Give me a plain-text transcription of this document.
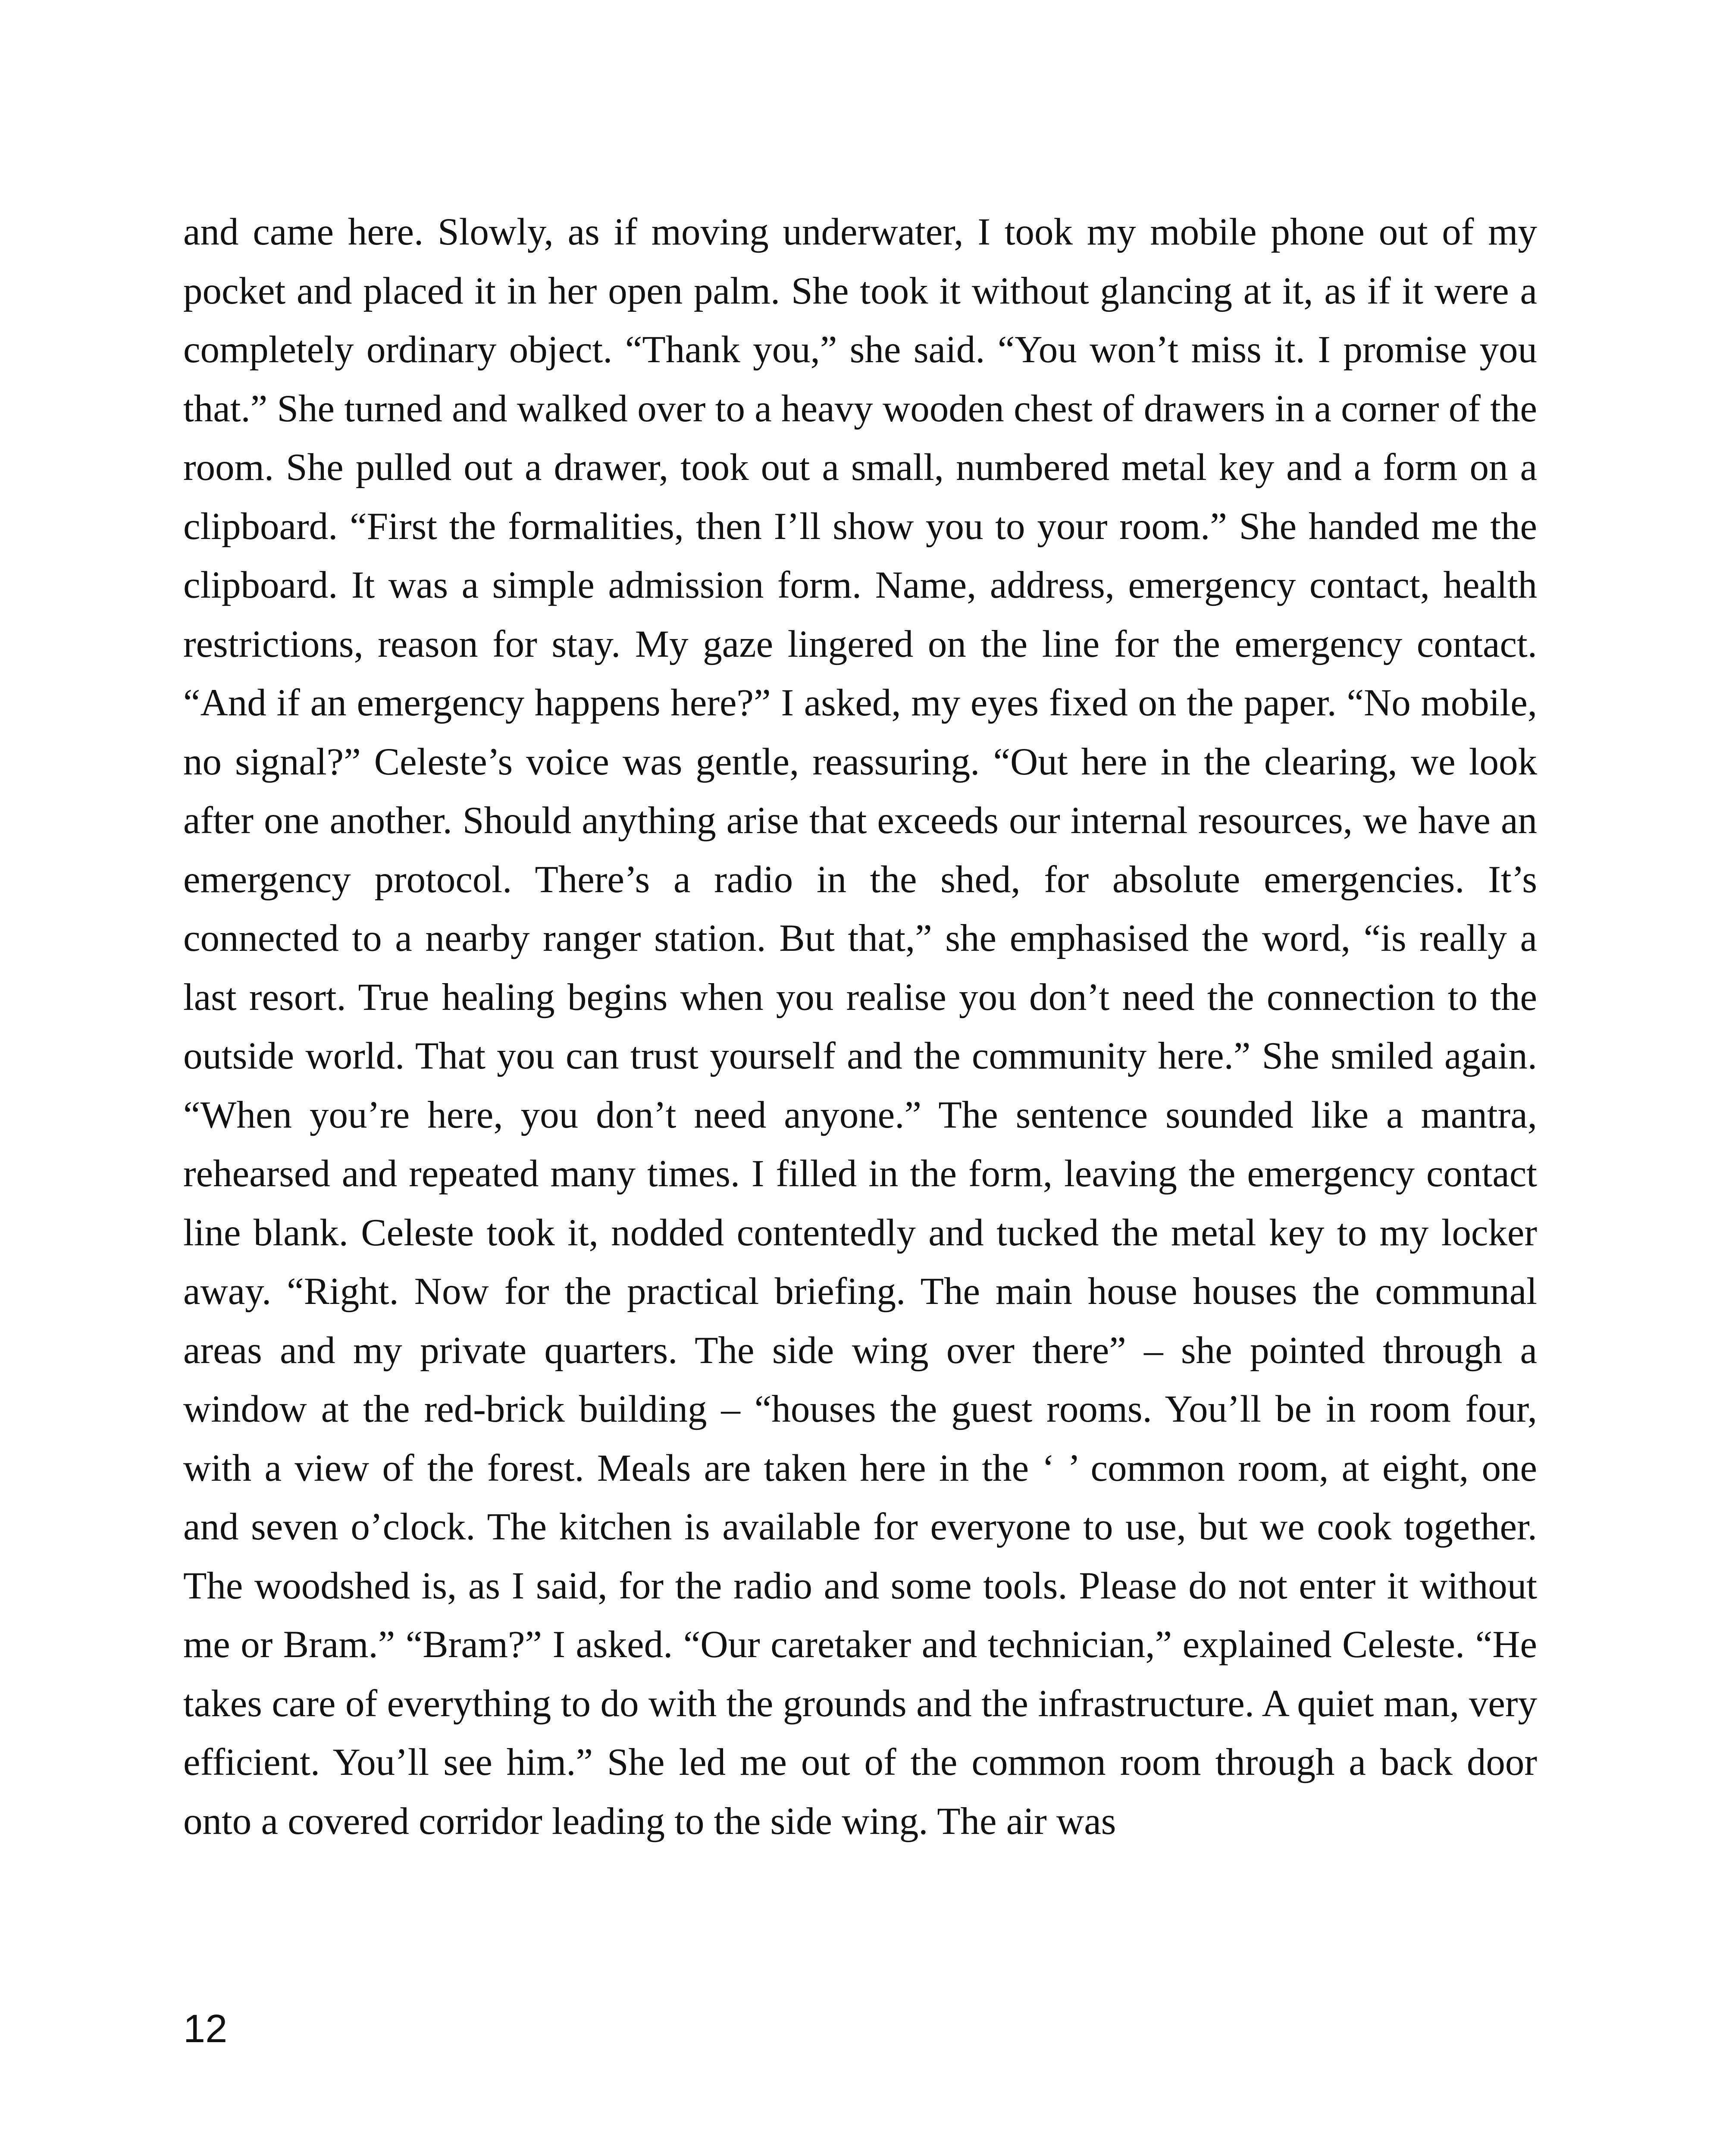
and came here. Slowly, as if moving underwater, I took my mobile phone out of my pocket and placed it in her open palm. She took it without glancing at it, as if it were a completely ordinary object. “Thank you,” she said. “You won’t miss it. I promise you that.” She turned and walked over to a heavy wooden chest of drawers in a corner of the room. She pulled out a drawer, took out a small, numbered metal key and a form on a clipboard. “First the formalities, then I’ll show you to your room.” She handed me the clipboard. It was a simple admission form. Name, address, emergency contact, health restrictions, reason for stay. My gaze lingered on the line for the emergency contact. “And if an emergency happens here?” I asked, my eyes fixed on the paper. “No mobile, no signal?” Celeste’s voice was gentle, reassuring. “Out here in the clearing, we look after one another. Should anything arise that exceeds our internal resources, we have an emergency protocol. There’s a radio in the shed, for absolute emergencies. It’s connected to a nearby ranger station. But that,” she emphasised the word, “is really a last resort. True healing begins when you realise you don’t need the connection to the outside world. That you can trust yourself and the community here.” She smiled again. “When you’re here, you don’t need anyone.” The sentence sounded like a mantra, rehearsed and repeated many times. I filled in the form, leaving the emergency contact line blank. Celeste took it, nodded contentedly and tucked the metal key to my locker away. “Right. Now for the practical briefing. The main house houses the communal areas and my private quarters. The side wing over there” – she pointed through a window at the red-brick building – “houses the guest rooms. You’ll be in room four, with a view of the forest. Meals are taken here in the ‘ ’ common room, at eight, one and seven o’clock. The kitchen is available for everyone to use, but we cook together. The woodshed is, as I said, for the radio and some tools. Please do not enter it without me or Bram.” “Bram?” I asked. “Our caretaker and technician,” explained Celeste. “He takes care of everything to do with the grounds and the infrastructure. A quiet man, very efficient. You’ll see him.” She led me out of the common room through a back door onto a covered corridor leading to the side wing. The air was

12
